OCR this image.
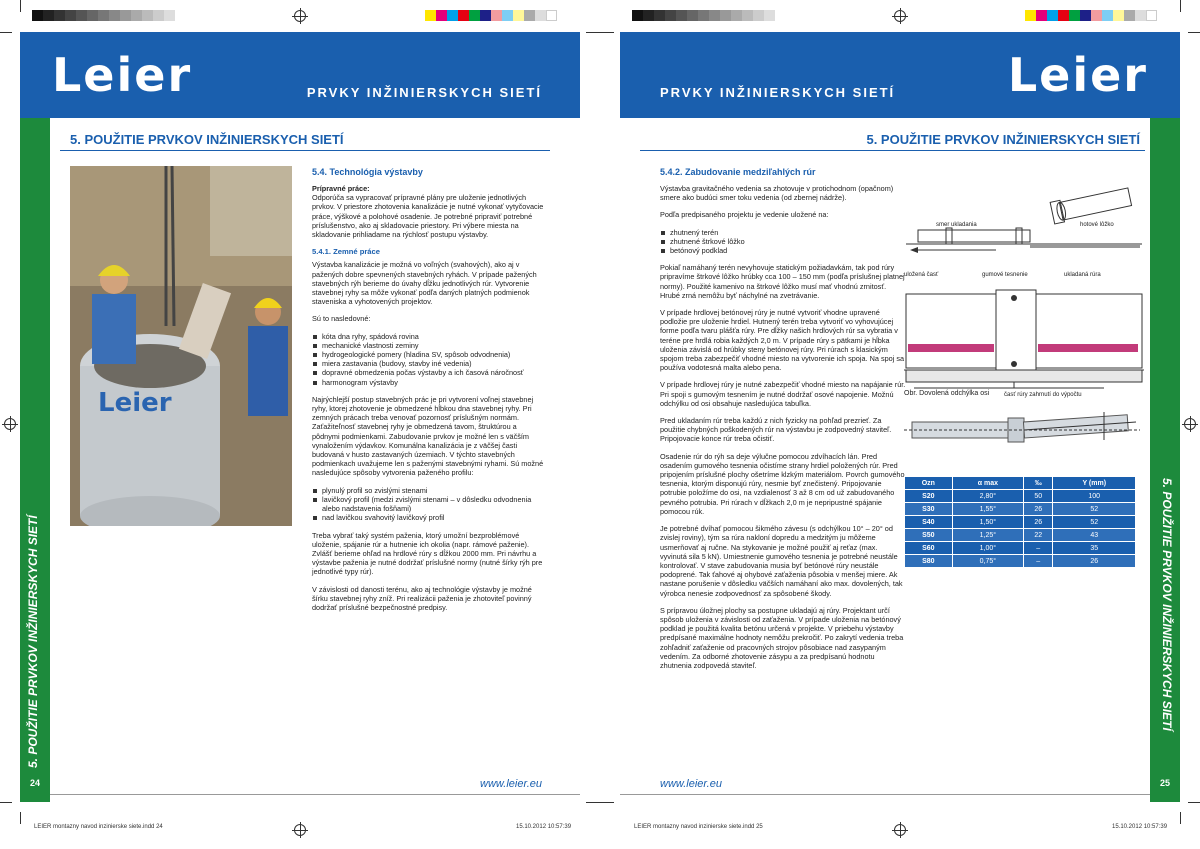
Leier	PRVKY INŽINIERSKYCH SIETÍ
5. POUŽITIE PRVKOV INŽINIERSKYCH SIETÍ
24
5. POUŽITIE PRVKOV INŽINIERSKYCH SIETÍ
Leier
5.4. Technológia výstavby

Prípravné práce:
Odporúča sa vypracovať prípravné plány pre uloženie jednotlivých prvkov. V priestore zhotovenia kanalizácie je nutné vykonať vytyčovacie práce, výškové a polohové osadenie. Je potrebné pripraviť potrebné príslušenstvo, ako aj skladovacie priestory. Pri výbere miesta na skladovanie prihliadame na rýchlosť postupu výstavby.

5.4.1. Zemné práce

Výstavba kanalizácie je možná vo voľných (svahových), ako aj v pažených dobre spevnených stavebných ryhách. V prípade pažených stavebných rýh berieme do úvahy dĺžku jednotlivých rúr. Vytvorenie stavebnej ryhy sa môže vykonať podľa daných platných podmienok staveniska a vyhotovených projektov.

Sú to nasledovné:

kóta dna ryhy, spádová rovina
mechanické vlastnosti zeminy
hydrogeologické pomery (hladina SV, spôsob odvodnenia)
miera zastavania (budovy, stavby iné vedenia)
dopravné obmedzenia počas výstavby a ich časová náročnosť
harmonogram výstavby

Najrýchlejší postup stavebných prác je pri vytvorení voľnej stavebnej ryhy, ktorej zhotovenie je obmedzené hĺbkou dna stavebnej ryhy. Pri zemných prácach treba venovať pozornosť príslušným normám. Zaťažiteľnosť stavebnej ryhy je obmedzená tavom, štruktúrou a pôdnymi podmienkami. Zabudovanie prvkov je možné len s väčším vynaložením výdavkov. Komunálna kanalizácia je z väčšej časti budovaná v husto zastavaných územiach. V týchto stavebných podmienkach uvažujeme len s paženými stavebnými ryhami. Sú možné nasledujúce spôsoby vytvorenia paženého profilu:

plynulý profil so zvislými stenami
lavičkový profil (medzi zvislými stenami – v dôsledku odvodnenia alebo nadstavenia fošňami)
nad lavičkou svahovitý lavičkový profil

Treba vybrať taký systém paženia, ktorý umožní bezproblémové uloženie, spájanie rúr a hutnenie ich okolia (napr. rámové paženie). Zvlášť berieme ohľad na hrdlové rúry s dĺžkou 2000 mm. Pri návrhu a výstavbe paženia je nutné dodržať príslušné normy (nutné šírky rýh pre jednotlivé typy rúr).

V závislosti od danosti terénu, ako aj technológie výstavby je možné šírku stavebnej ryhy zníž. Pri realizácii paženia je zhotoviteľ povinný dodržať príslušné bezpečnostné predpisy.

www.leier.eu
PRVKY INŽINIERSKYCH SIETÍ Leier
5. POUŽITIE PRVKOV INŽINIERSKYCH SIETÍ
25
5. POUŽITIE PRVKOV INŽINIERSKYCH SIETÍ
5.4.2. Zabudovanie medziľahlých rúr

Výstavba gravitačného vedenia sa zhotovuje v protichodnom (opačnom) smere ako budúci smer toku vedenia (od zbernej nádrže).

Podľa predpisaného projektu je vedenie uložené na:

zhutnený terén
zhutnené štrkové lôžko
betónový podklad

Pokiaľ namáhaný terén nevyhovuje statickým požiadavkám, tak pod rúry pripravíme štrkové lôžko hrúbky cca 100 – 150 mm (podľa príslušnej platnej normy). Použité kamenivo na štrkové lôžko musí mať vhodnú zrnitosť. Hrubé zrná nemôžu byť náchylné na zvetrávanie.

V prípade hrdlovej betónovej rúry je nutné vytvoriť vhodne upravené podložie pre uloženie hrdiel. Hutnený terén treba vytvoriť vo vyhovujúcej forme podľa tvaru plášťa rúry. Pre dĺžky našich hrdlových rúr sa vybratia v teréne pre hrdlá robia každých 2,0 m. V prípade rúry s pätkami je hĺbka uloženia závislá od hrúbky steny betónovej rúry. Pri rúrach s klasickým spojom treba zabezpečiť vhodné miesto na vytvorenie ich spoja. Na spoj sa používa vodotesná malta alebo pena.

V prípade hrdlovej rúry je nutné zabezpečiť vhodné miesto na napájanie rúr. Pri spoji s gumovým tesnením je nutné dodržať osové napojenie. Možnú odchýlku od osi obsahuje nasledujúca tabuľka.

Pred ukladaním rúr treba každú z nich fyzicky na pohľad prezrieť. Za použitie chybných poškodených rúr na výstavbu je zodpovedný staviteľ. Pripojovacie konce rúr treba očistiť.

Osadenie rúr do rýh sa deje výlučne pomocou zdvíhacích lán. Pred osadením gumového tesnenia očistíme strany hrdiel položených rúr. Pred pripojením príslušné plochy ošetríme klzkým materiálom. Povrch gumového tesnenia, ktorým disponujú rúry, nesmie byť znečistený. Pripojovanie potrubie položíme do osi, na vzdialenosť 3 až 8 cm od už zabudovaného pevného potrubia. Pri rúrach v dĺžkach 2,0 m je nepripustné spájanie pomocou rúk.

Je potrebné dvíhať pomocou šikmého závesu (s odchýlkou 10° – 20° od zvislej roviny), tým sa rúra nakloní dopredu a medzitým ju môžeme usmerňovať aj ručne. Na stykovanie je možné použiť aj reťaz (max. vyvinutá sila 5 kN). Umiestnenie gumového tesnenia je potrebné neustále kontrolovať. V stave zabudovania musia byť betónové rúry neustále podoprené. Tak ťahové aj ohybové zaťaženia pôsobia v menšej miere. Ak nastane porušenie v dôsledku väčších namáhaní ako max. dovolených, tak výrobca nenesie zodpovednosť za spôsobené škody.

S prípravou úložnej plochy sa postupne ukladajú aj rúry. Projektant určí spôsob uloženia v závislosti od zaťaženia. V prípade uloženia na betónový podklad je použitá kvalita betónu určená v projekte. V priebehu výstavby predpísané maximálne hodnoty nemôžu prekročiť. Po zakrytí vedenia treba zohľadniť zaťaženie od pracovných strojov pôsobiace nad zasypaným vedením. Za odborné zhotovenie zásypu a za predpísanú hodnotu zhutnenia zodpovedá staviteľ.

smer ukladania	hotové lôžko
uložená časť	gumové tesnenie	ukladaná rúra
časť rúry zahrnutí do výpočtu
Obr. Dovolená odchýlka osi
Ozn	α max	‰	Y (mm)
S20	2,80°	50	100
S30	1,55°	26	52
S40	1,50°	26	52
S50	1,25°	22	43
S60	1,00°	–	35
S80	0,75°	–	26
www.leier.eu
LEIER montazny navod inzinierske siete.indd 24	15.10.2012 10:57:39	LEIER montazny navod inzinierske siete.indd 25	15.10.2012 10:57:39
